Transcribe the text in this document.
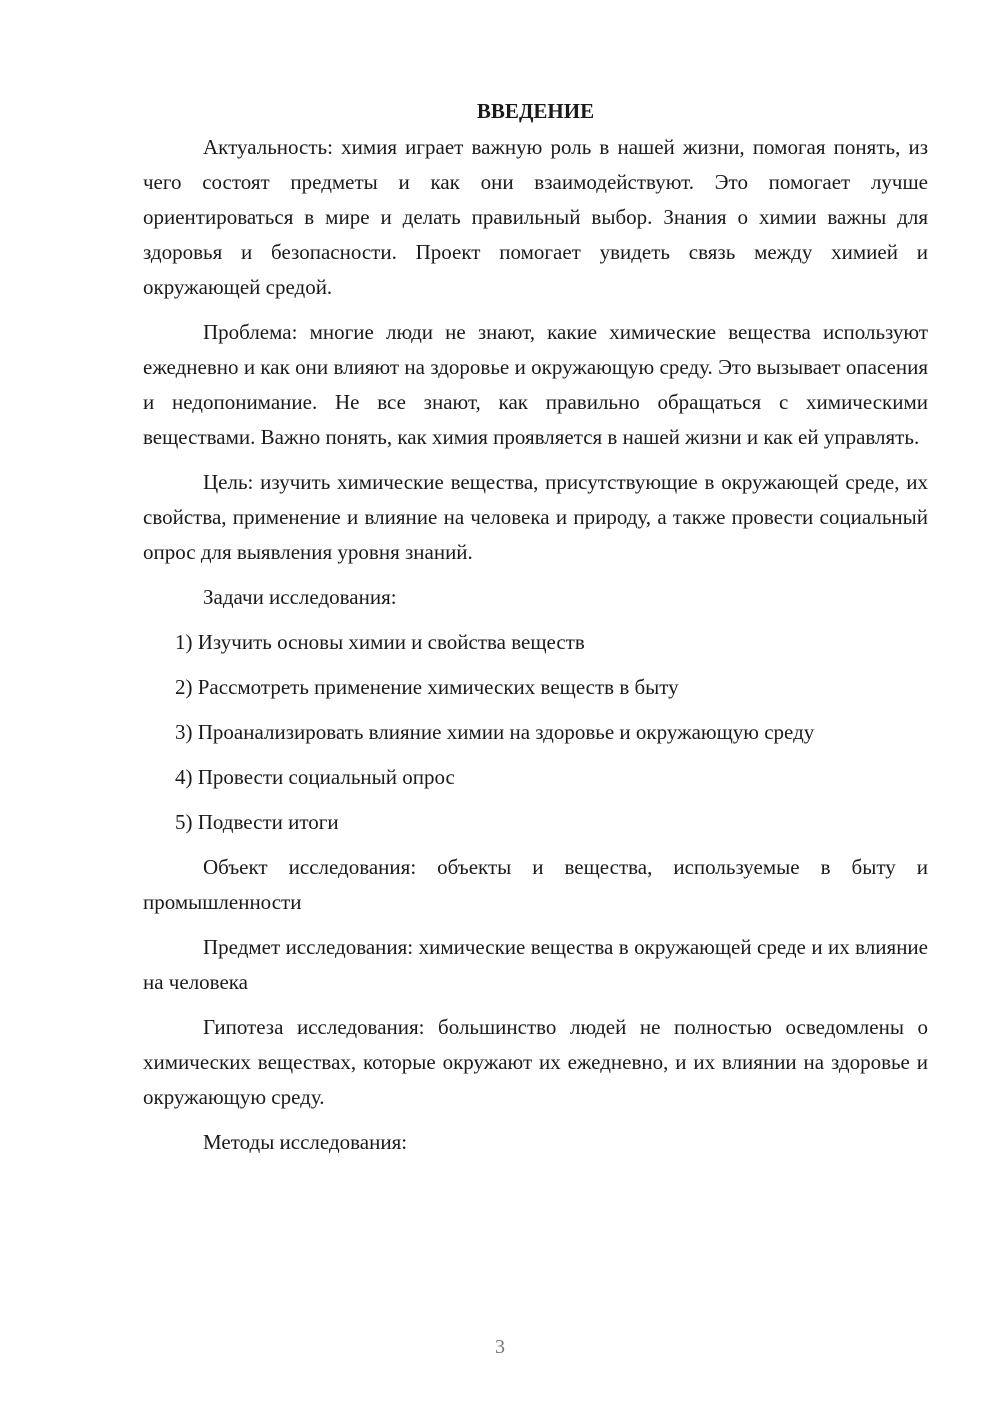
ВВЕДЕНИЕ

Актуальность: химия играет важную роль в нашей жизни, помогая понять, из чего состоят предметы и как они взаимодействуют. Это помогает лучше ориентироваться в мире и делать правильный выбор. Знания о химии важны для здоровья и безопасности. Проект помогает увидеть связь между химией и окружающей средой.

Проблема: многие люди не знают, какие химические вещества используют ежедневно и как они влияют на здоровье и окружающую среду. Это вызывает опасения и недопонимание. Не все знают, как правильно обращаться с химическими веществами. Важно понять, как химия проявляется в нашей жизни и как ей управлять.

Цель: изучить химические вещества, присутствующие в окружающей среде, их свойства, применение и влияние на человека и природу, а также провести социальный опрос для выявления уровня знаний.

Задачи исследования:

1) Изучить основы химии и свойства веществ

2) Рассмотреть применение химических веществ в быту

3) Проанализировать влияние химии на здоровье и окружающую среду

4) Провести социальный опрос

5) Подвести итоги

Объект исследования: объекты и вещества, используемые в быту и промышленности

Предмет исследования: химические вещества в окружающей среде и их влияние на человека

Гипотеза исследования: большинство людей не полностью осведомлены о химических веществах, которые окружают их ежедневно, и их влиянии на здоровье и окружающую среду.

Методы исследования:

3
